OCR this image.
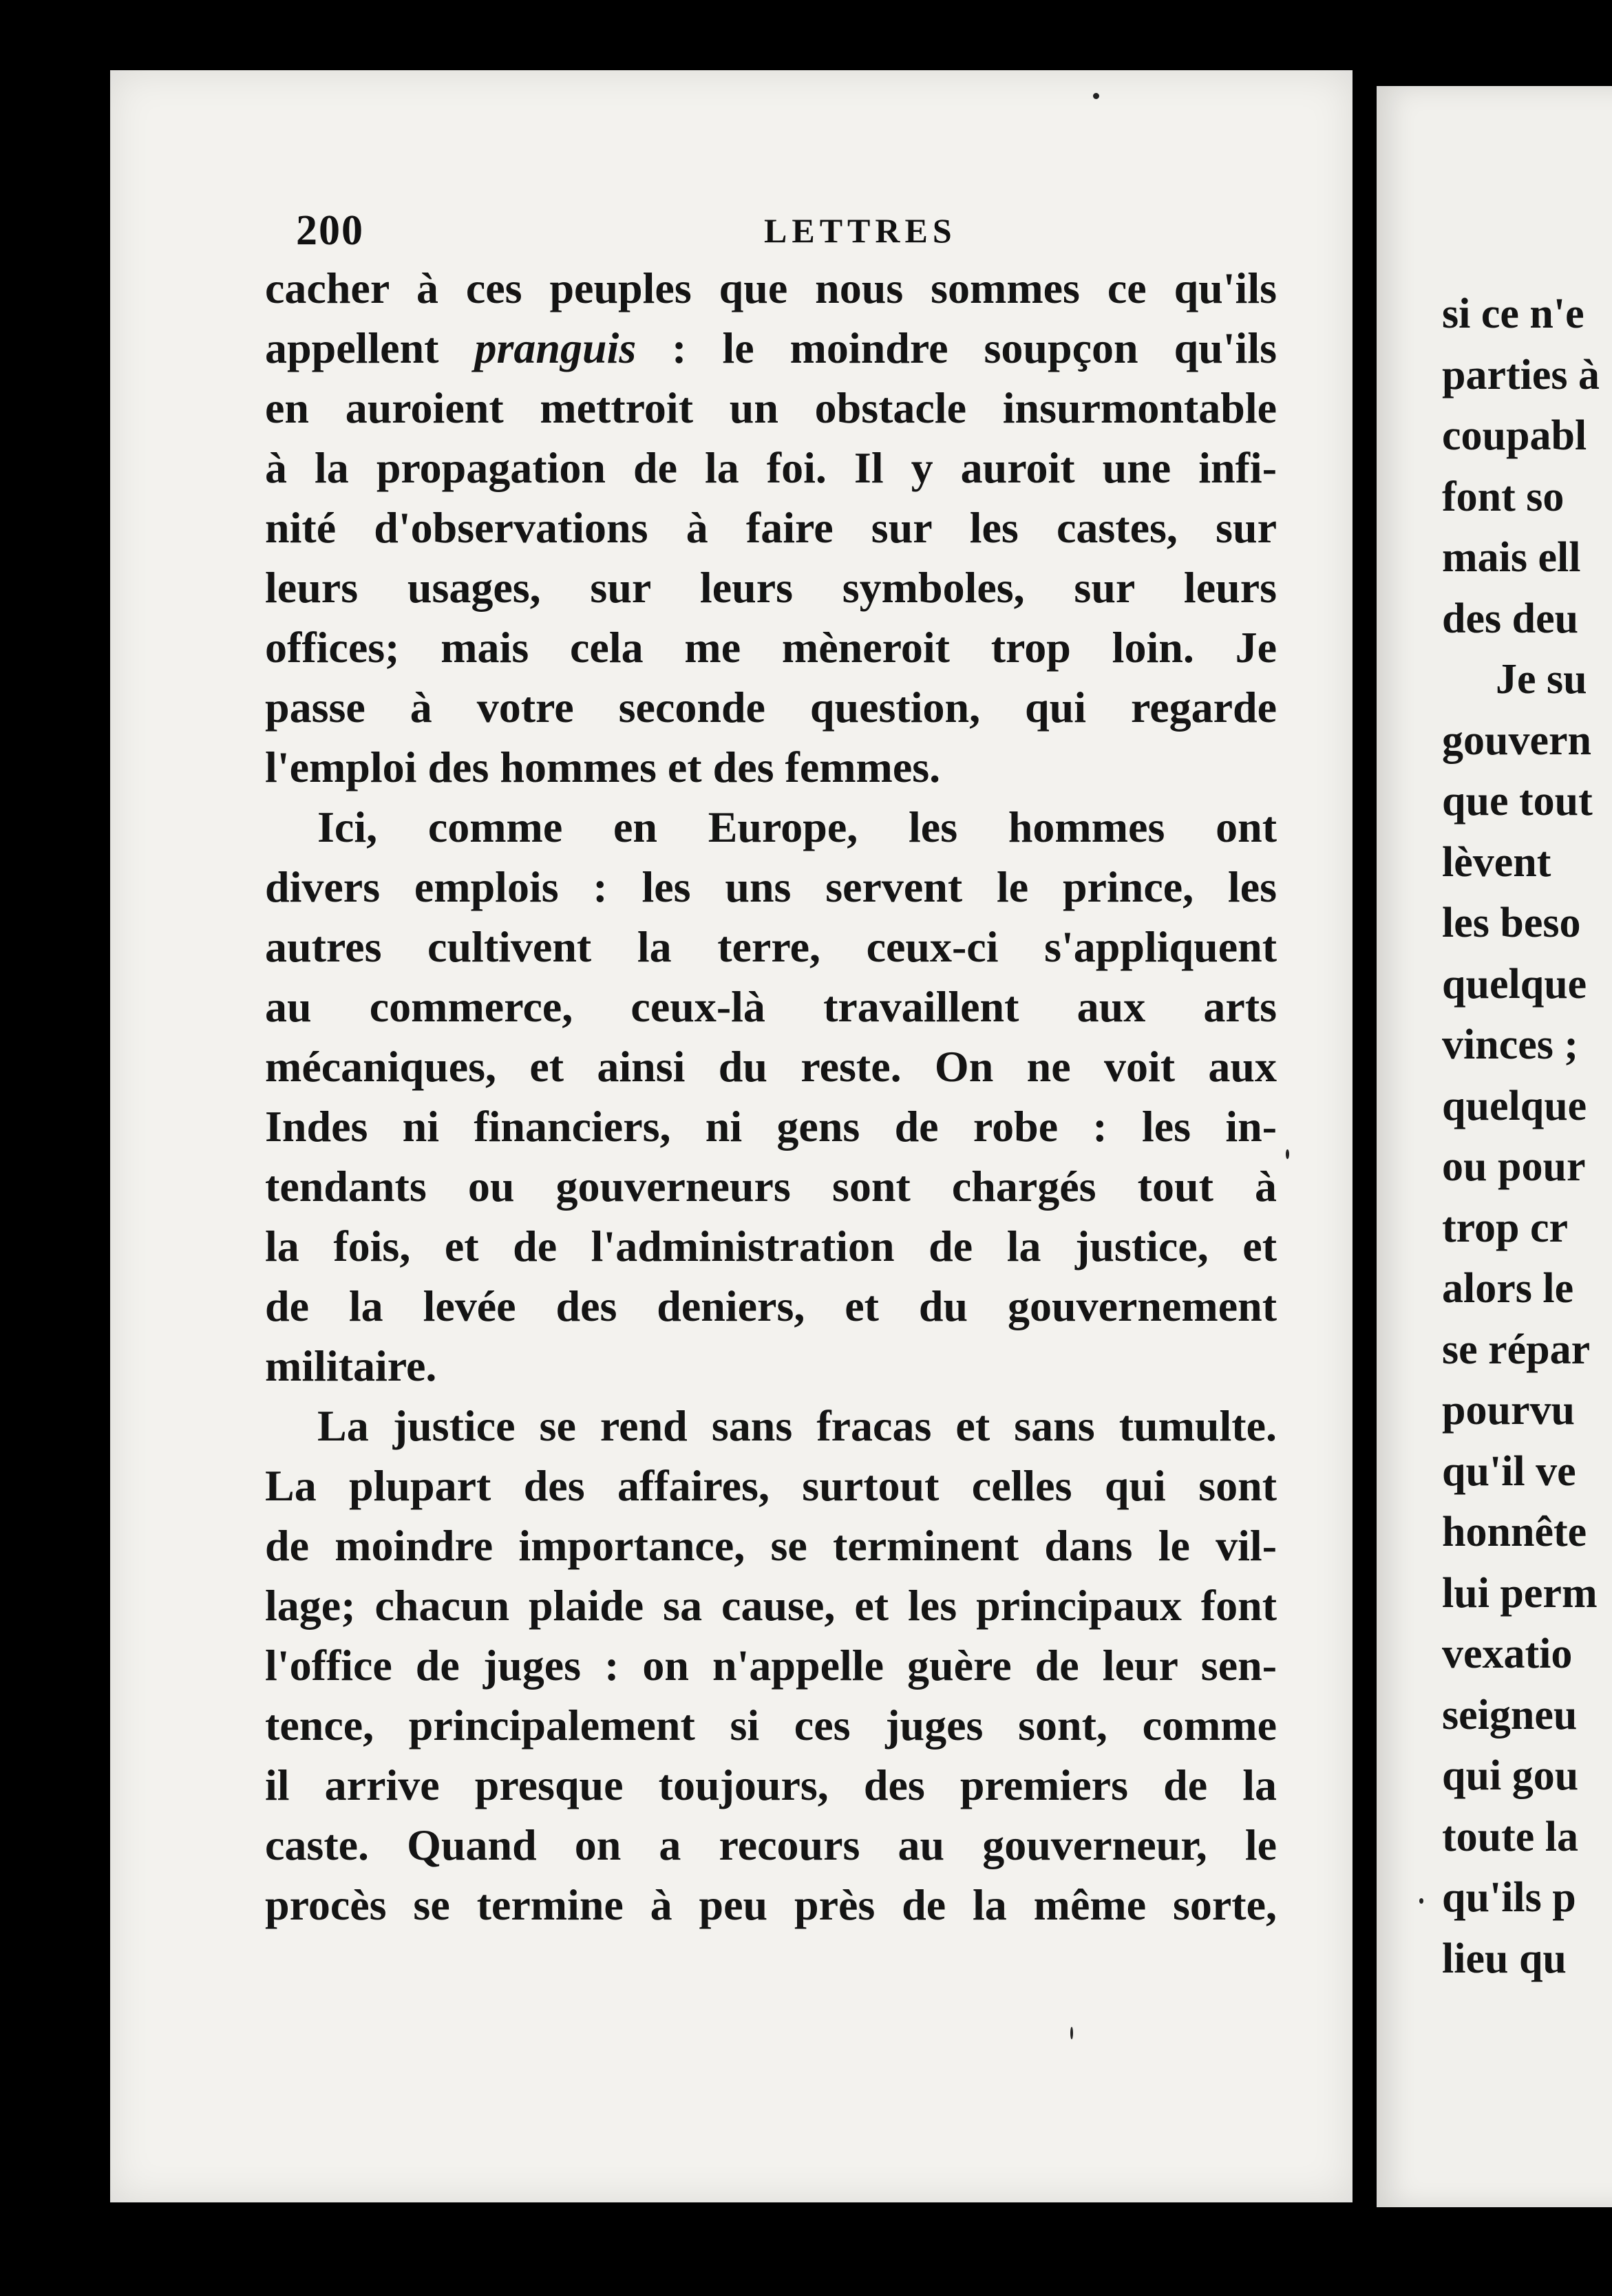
200	LETTRES
cacher à ces peuples que nous sommes ce qu'ils
appellent pranguis : le moindre soupçon qu'ils
en auroient mettroit un obstacle insurmontable
à la propagation de la foi. Il y auroit une infi-
nité d'observations à faire sur les castes, sur
leurs usages, sur leurs symboles, sur leurs
offices; mais cela me mèneroit trop loin. Je
passe à votre seconde question, qui regarde
l'emploi des hommes et des femmes.
Ici, comme en Europe, les hommes ont
divers emplois : les uns servent le prince, les
autres cultivent la terre, ceux-ci s'appliquent
au commerce, ceux-là travaillent aux arts
mécaniques, et ainsi du reste. On ne voit aux
Indes ni financiers, ni gens de robe : les in-
tendants ou gouverneurs sont chargés tout à
la fois, et de l'administration de la justice, et
de la levée des deniers, et du gouvernement
militaire.
La justice se rend sans fracas et sans tumulte.
La plupart des affaires, surtout celles qui sont
de moindre importance, se terminent dans le vil-
lage; chacun plaide sa cause, et les principaux font
l'office de juges : on n'appelle guère de leur sen-
tence, principalement si ces juges sont, comme
il arrive presque toujours, des premiers de la
caste. Quand on a recours au gouverneur, le
procès se termine à peu près de la même sorte,
si ce n'e
parties à
coupabl
font so
mais ell
des deu
Je su
gouvern
que tout
lèvent
les beso
quelque
vinces ;
quelque
ou pour
trop cr
alors le
se répar
pourvu
qu'il ve
honnête
lui perm
vexatio
seigneu
qui gou
toute la
qu'ils p
lieu qu
